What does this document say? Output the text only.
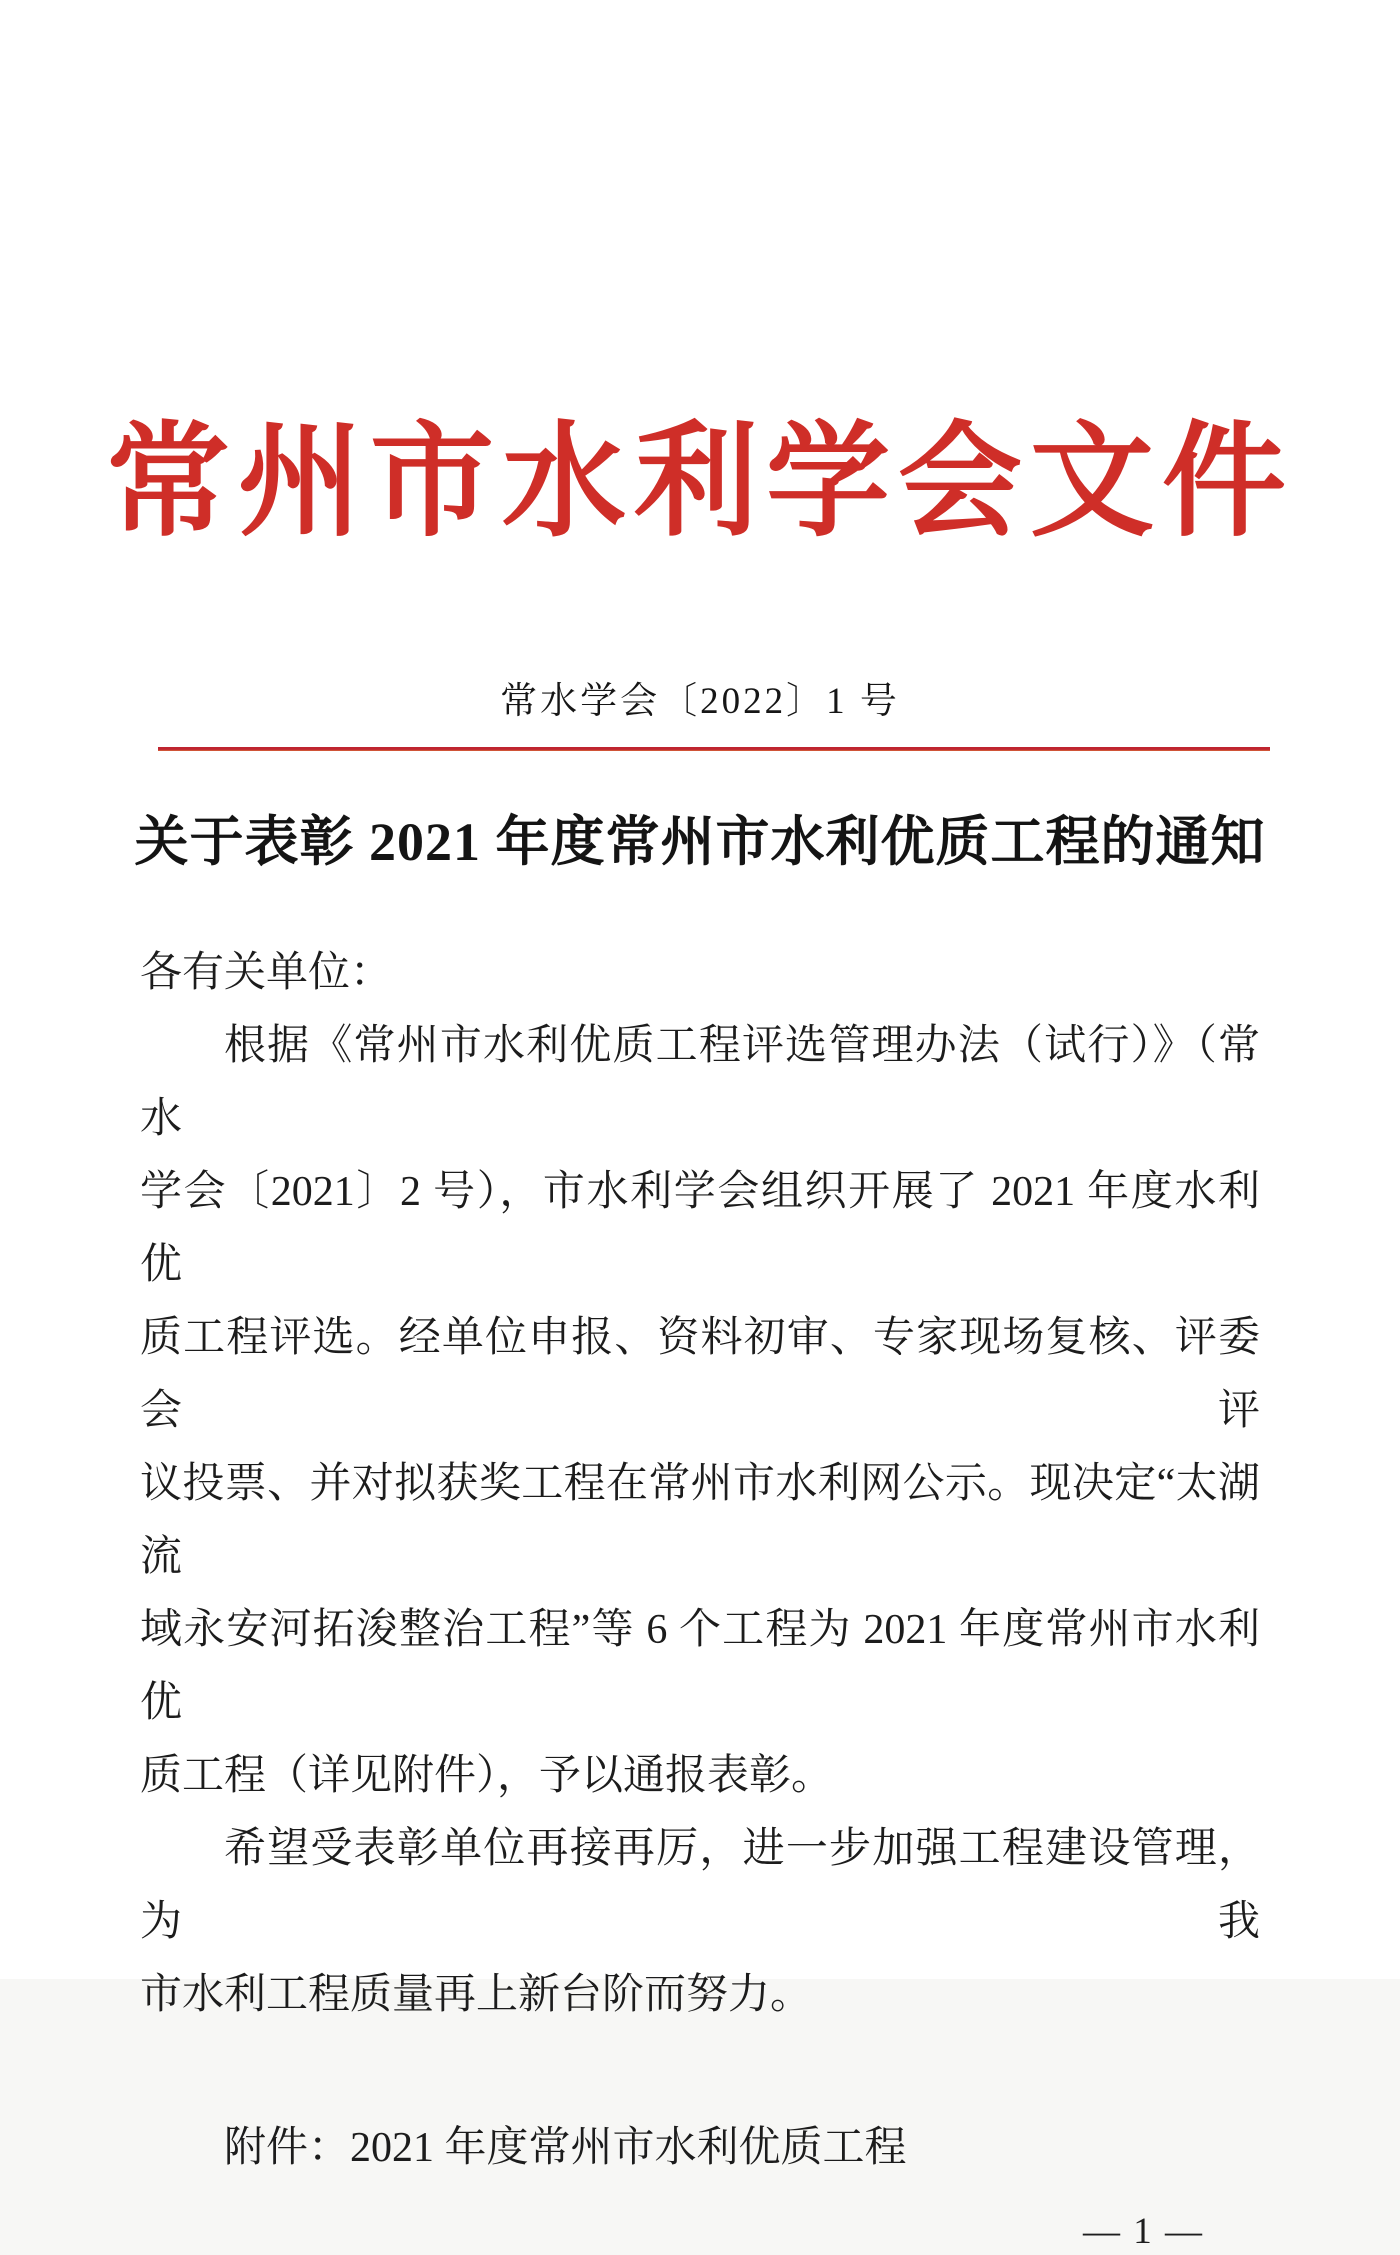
常州市水利学会文件
常水学会〔2022〕1 号
关于表彰 2021 年度常州市水利优质工程的通知
各有关单位：
根据《常州市水利优质工程评选管理办法（试行）》（常水
学会〔2021〕2 号），市水利学会组织开展了 2021 年度水利优
质工程评选。经单位申报、资料初审、专家现场复核、评委会评
议投票、并对拟获奖工程在常州市水利网公示。现决定“太湖流
域永安河拓浚整治工程”等 6 个工程为 2021 年度常州市水利优
质工程（详见附件），予以通报表彰。
希望受表彰单位再接再厉，进一步加强工程建设管理，为我
市水利工程质量再上新台阶而努力。
附件：2021 年度常州市水利优质工程
— 1 —
